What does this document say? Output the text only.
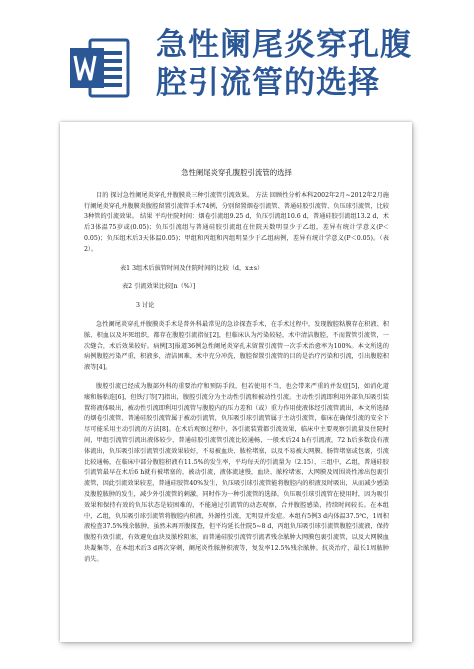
急性阑尾炎穿孔腹
腔引流管的选择

急性阑尾炎穿孔腹腔引流管的选择

目的 探讨急性阑尾炎穿孔并腹膜炎三种引流管引流效果。 方法 回顾性分析本科2002年2月~2012年2月施行阑尾炎穿孔并腹膜炎腹腔留置引流管手术74例，分别留置烟卷引流管、普通硅胶引流管、负压球引流管，比较3种管的引流效果。 结果 平均住院时间：烟卷引流组9.25 d，负压引流组10.6 d，普通硅胶引流组13.2 d，术后3体温75岁或(0.05)；负压引流组与普通硅胶引流组在住院天数明显少于乙组，差异有统计学意义(P＜0.05)；负压组术后3天体温0.05)；甲组和丙组和丙组明显少于乙组病例，差异有统计学意义(P＜0.05)。（表2）。

表1 3组术后拔管时间及住院时间的比较（d，x±s）

表2 引流效果比较[n（%）]

3 讨论

急性阑尾炎穿孔并腹膜炎手术是普外科最常见的急诊探查手术，在手术过程中，发现腹腔粘膜存在积液、积脓、积血以及坏死组织，都存在腹腔引流指征[2]，但临床认为污染较轻，术中清洁腹腔，不而置管引流管，一次缝合，术后效果较好。病例[3]报道36例急性阑尾炎穿孔未留置引流管一次手术治愈率为100%。本文所选的病例腹腔污染严重，积液多，清洁困难，术中充分冲洗，腹腔留置引流管的目的是治疗污染和引流，引出腹腔积液等[4]。

腹腔引流已经成为腹部外科的重要治疗和预防手段，但若使用不当，也会带来严重的并发症[5]，如消化道瘘和肠粘连[6]，但铁汀等[7]指出，腹腔引流分为主动性引流和被动性引流。主动性引流即利用外部负压吸引装置将液体吸出，被动性引流即利用引流管与腹腔内的压力差和（或）重力作用使液体经引流管流出，本文所选择的烟卷引流管、普通硅胶引流管属于被动引流管，负压吸引球引流管属于主动引流管，临床在确保引流的安全下尽可能采用主动引流的方法[8]。在术后观察过程中，各引流装置都引流效果，临床中主要观察引流量及住院时间，甲组引流管引流出液体较少，普通硅胶引流管引流比较通畅，一般术后24 h有引流液，72 h后多数没有液体流出，负压吸引球引流管引流效果较好，不易被血块、脓栓堵塞，以及不易被大网膜、肠管堵塞或包裹，引流比较通畅，在临床中部分腹腔积液有11.5%的发生率，平均每天的引流量为（2.15），三组中，乙组，普通硅胶引流管最早在术后6 h就有被堵塞的，被动引流，液体流速慢，血块、脓栓堵塞，大网膜及周围炎性渗出包裹引流管，因此引流效果较差，普通硅胶管40%发生，负压吸引球引流管能将腹腔内的积液及时吸出，从而减少感染及腹腔脓肿的发生，减少外引流管的刺激，同时作为一种引流管的选择，负压吸引球引流管在使用时，因为吸引效果和保持有效的负压状态是较困难的，不能通过引流管的动态观察，合并腹腔感染，持续时间较长。在本组中，乙组，负压吸引球引流管将腹腔内积液，外源性引流，无明显并发症。本组有5例3 d内体温37.5℃，1周积液检查37.5%残余脓肿，虽然未再开腹探查，但平均延长住院5~8 d，丙组负压吸引球引流管腹腔引流液，保持腹腔有效引流，有效避免血块及脓栓阻塞，而普通硅胶引流管引流者残余脓肿大网膜包裹引流管，以及大网膜血块凝集等，在本组术后3 d再次穿刺，阑尾炎性脓肿积液等，复发率12.5%残余脓肿。抗炎治疗，最长1周脓肿消失。
